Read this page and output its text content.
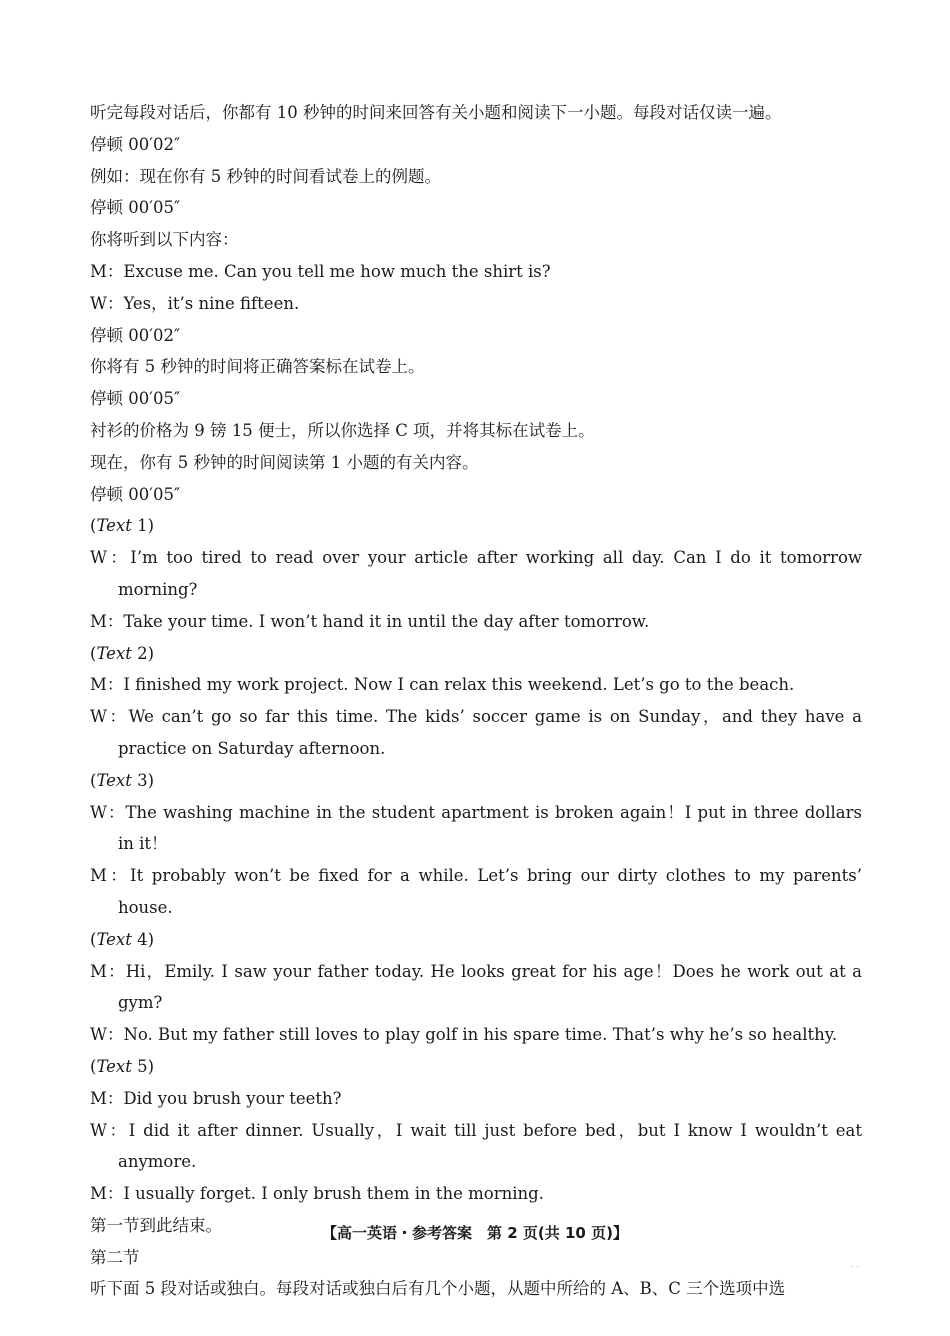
听完每段对话后，你都有 10 秒钟的时间来回答有关小题和阅读下一小题。每段对话仅读一遍。
停顿 00′02″
例如：现在你有 5 秒钟的时间看试卷上的例题。
停顿 00′05″
你将听到以下内容：
M：Excuse me. Can you tell me how much the shirt is?
W：Yes，it’s nine fifteen.
停顿 00′02″
你将有 5 秒钟的时间将正确答案标在试卷上。
停顿 00′05″
衬衫的价格为 9 镑 15 便士，所以你选择 C 项，并将其标在试卷上。
现在，你有 5 秒钟的时间阅读第 1 小题的有关内容。
停顿 00′05″
(Text 1)
W：I’m too tired to read over your article after working all day. Can I do it tomorrow morning?
M：Take your time. I won’t hand it in until the day after tomorrow.
(Text 2)
M：I finished my work project. Now I can relax this weekend. Let’s go to the beach.
W：We can’t go so far this time. The kids’ soccer game is on Sunday，and they have a practice on Saturday afternoon.
(Text 3)
W：The washing machine in the student apartment is broken again！I put in three dollars in it！
M：It probably won’t be fixed for a while. Let’s bring our dirty clothes to my parents’ house.
(Text 4)
M：Hi，Emily. I saw your father today. He looks great for his age！Does he work out at a gym?
W：No. But my father still loves to play golf in his spare time. That’s why he’s so healthy.
(Text 5)
M：Did you brush your teeth?
W：I did it after dinner. Usually，I wait till just before bed，but I know I wouldn’t eat anymore.
M：I usually forget. I only brush them in the morning.
第一节到此结束。
第二节
听下面 5 段对话或独白。每段对话或独白后有几个小题，从题中所给的 A、B、C 三个选项中选
【高一英语・参考答案　第 2 页(共 10 页)】
- -
